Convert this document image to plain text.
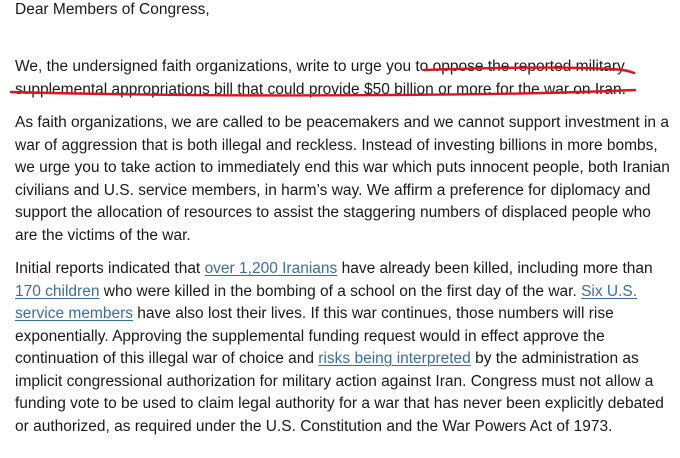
Dear Members of Congress,

We, the undersigned faith organizations, write to urge you to oppose the reported military supplemental appropriations bill that could provide $50 billion or more for the war on Iran.

As faith organizations, we are called to be peacemakers and we cannot support investment in a war of aggression that is both illegal and reckless. Instead of investing billions in more bombs, we urge you to take action to immediately end this war which puts innocent people, both Iranian civilians and U.S. service members, in harm’s way. We affirm a preference for diplomacy and support the allocation of resources to assist the staggering numbers of displaced people who are the victims of the war.

Initial reports indicated that over 1,200 Iranians have already been killed, including more than 170 children who were killed in the bombing of a school on the first day of the war. Six U.S. service members have also lost their lives. If this war continues, those numbers will rise exponentially. Approving the supplemental funding request would in effect approve the continuation of this illegal war of choice and risks being interpreted by the administration as implicit congressional authorization for military action against Iran. Congress must not allow a funding vote to be used to claim legal authority for a war that has never been explicitly debated or authorized, as required under the U.S. Constitution and the War Powers Act of 1973.
